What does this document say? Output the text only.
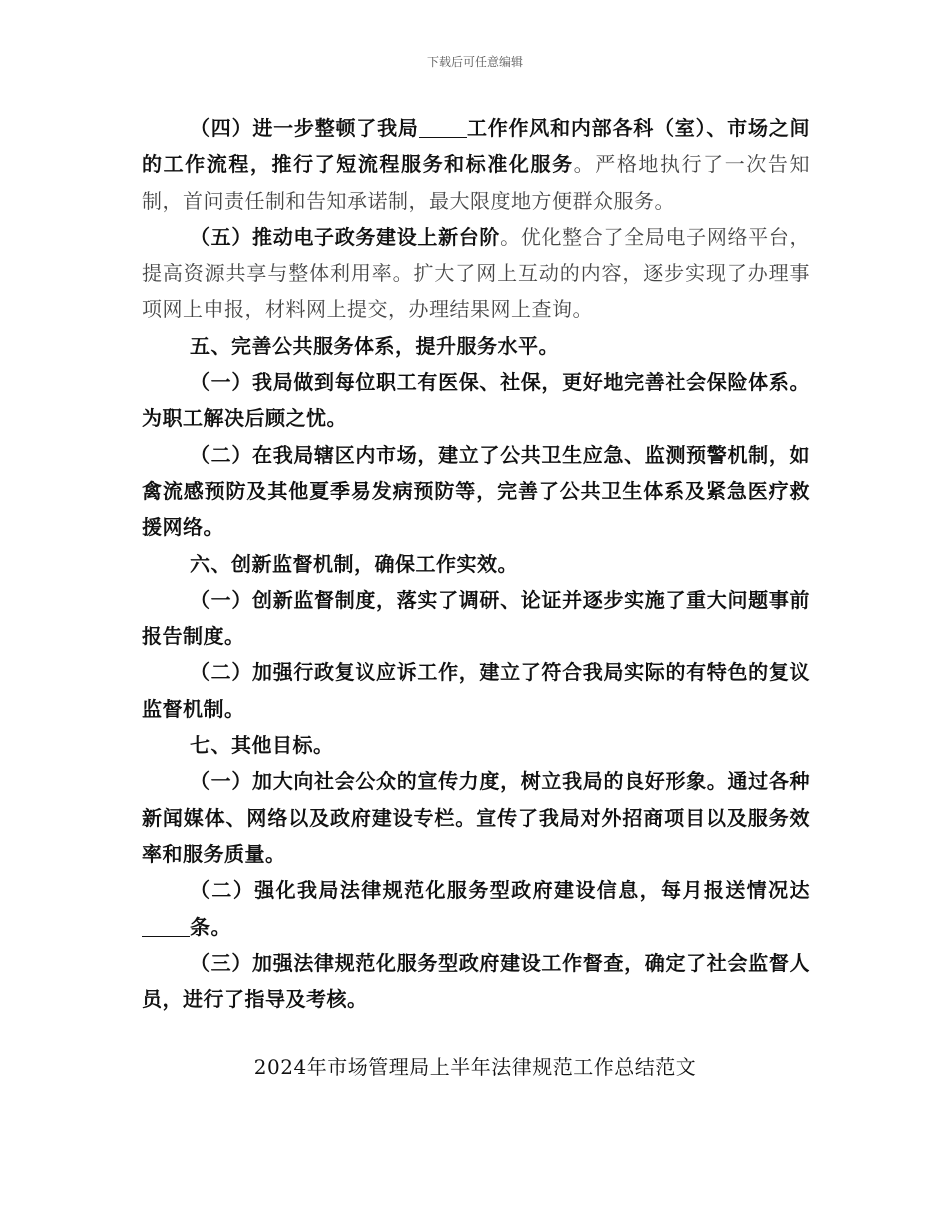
下载后可任意编辑

（四）进一步整顿了我局 工作作风和内部各科（室）、市场之间的工作流程，推行了短流程服务和标准化服务。严格地执行了一次告知制，首问责任制和告知承诺制，最大限度地方便群众服务。

（五）推动电子政务建设上新台阶。优化整合了全局电子网络平台，提高资源共享与整体利用率。扩大了网上互动的内容，逐步实现了办理事项网上申报，材料网上提交，办理结果网上查询。

五、完善公共服务体系，提升服务水平。

（一）我局做到每位职工有医保、社保，更好地完善社会保险体系。为职工解决后顾之忧。

（二）在我局辖区内市场，建立了公共卫生应急、监测预警机制，如禽流感预防及其他夏季易发病预防等，完善了公共卫生体系及紧急医疗救援网络。

六、创新监督机制，确保工作实效。

（一）创新监督制度，落实了调研、论证并逐步实施了重大问题事前报告制度。

（二）加强行政复议应诉工作，建立了符合我局实际的有特色的复议监督机制。

七、其他目标。

（一）加大向社会公众的宣传力度，树立我局的良好形象。通过各种新闻媒体、网络以及政府建设专栏。宣传了我局对外招商项目以及服务效率和服务质量。

（二）强化我局法律规范化服务型政府建设信息，每月报送情况达条。

（三）加强法律规范化服务型政府建设工作督查，确定了社会监督人员，进行了指导及考核。

2024年市场管理局上半年法律规范工作总结范文
